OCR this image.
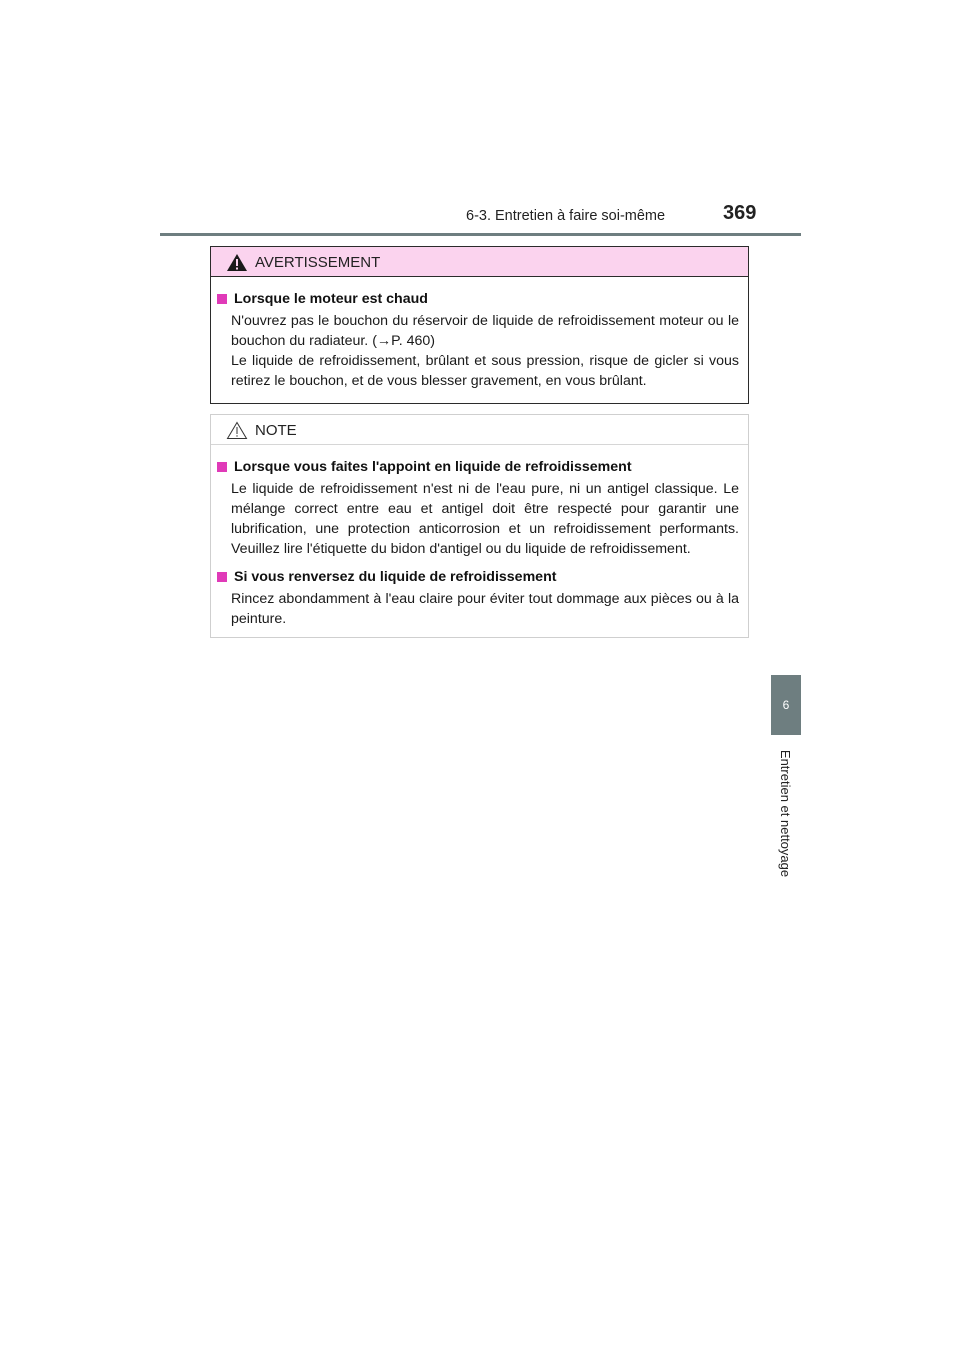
6-3. Entretien à faire soi-même	369
6
Entretien et nettoyage
AVERTISSEMENT
Lorsque le moteur est chaud
N'ouvrez pas le bouchon du réservoir de liquide de refroidissement moteur ou le bouchon du radiateur. (→P. 460)
Le liquide de refroidissement, brûlant et sous pression, risque de gicler si vous retirez le bouchon, et de vous blesser gravement, en vous brûlant.
NOTE
Lorsque vous faites l'appoint en liquide de refroidissement
Le liquide de refroidissement n'est ni de l'eau pure, ni un antigel classique. Le mélange correct entre eau et antigel doit être respecté pour garantir une lubrification, une protection anticorrosion et un refroidissement performants. Veuillez lire l'étiquette du bidon d'antigel ou du liquide de refroidissement.
Si vous renversez du liquide de refroidissement
Rincez abondamment à l'eau claire pour éviter tout dommage aux pièces ou à la peinture.
